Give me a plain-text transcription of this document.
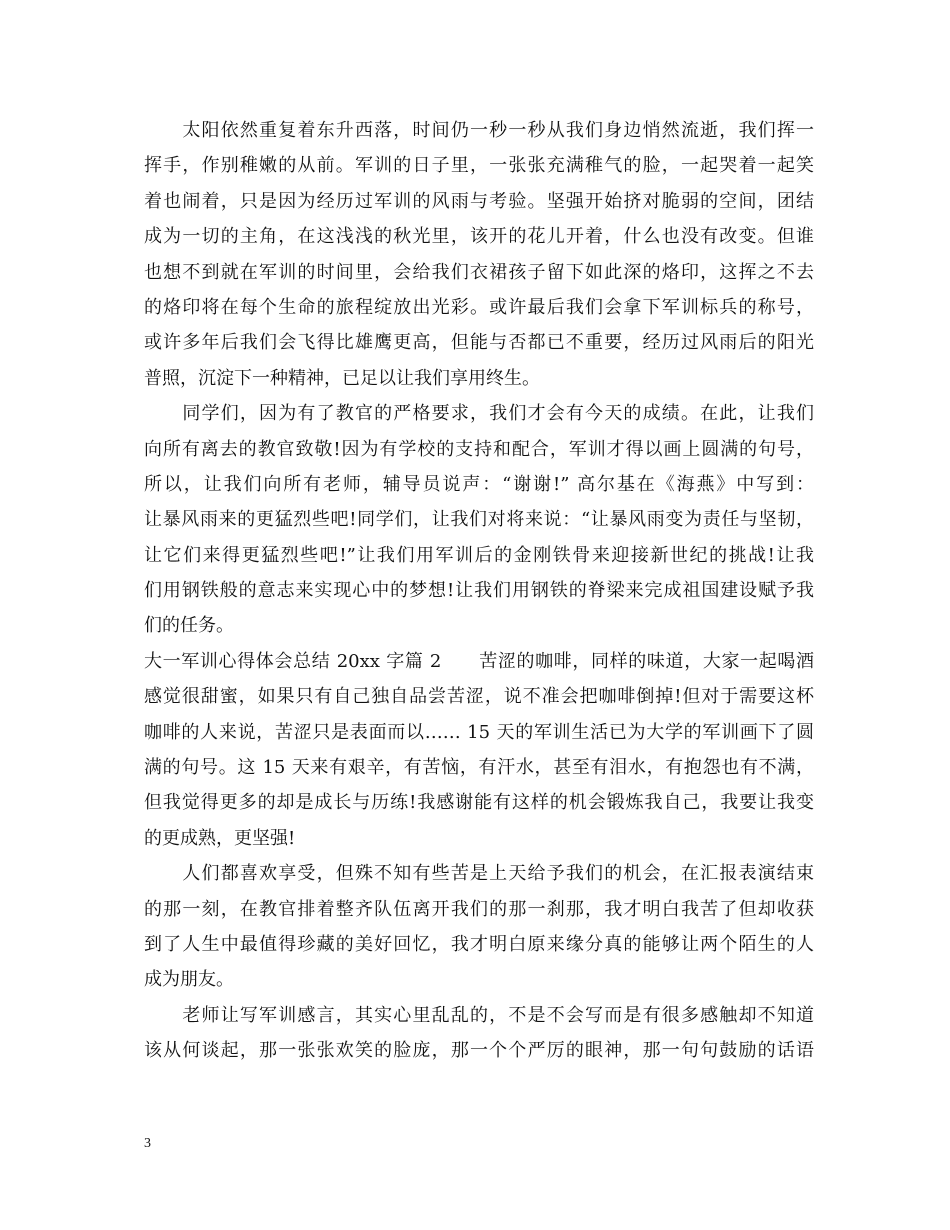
　　太阳依然重复着东升西落，时间仍一秒一秒从我们身边悄然流逝，我们挥一
挥手，作别稚嫩的从前。军训的日子里，一张张充满稚气的脸，一起哭着一起笑
着也闹着，只是因为经历过军训的风雨与考验。坚强开始挤对脆弱的空间，团结
成为一切的主角，在这浅浅的秋光里，该开的花儿开着，什么也没有改变。但谁
也想不到就在军训的时间里，会给我们衣裙孩子留下如此深的烙印，这挥之不去
的烙印将在每个生命的旅程绽放出光彩。或许最后我们会拿下军训标兵的称号，
或许多年后我们会飞得比雄鹰更高，但能与否都已不重要，经历过风雨后的阳光
普照，沉淀下一种精神，已足以让我们享用终生。
　　同学们，因为有了教官的严格要求，我们才会有今天的成绩。在此，让我们
向所有离去的教官致敬!因为有学校的支持和配合，军训才得以画上圆满的句号，
所以，让我们向所有老师，辅导员说声：“谢谢!” 高尔基在《海燕》中写到：
让暴风雨来的更猛烈些吧!同学们，让我们对将来说：“让暴风雨变为责任与坚韧，
让它们来得更猛烈些吧!”让我们用军训后的金刚铁骨来迎接新世纪的挑战!让我
们用钢铁般的意志来实现心中的梦想!让我们用钢铁的脊梁来完成祖国建设赋予我
们的任务。
大一军训心得体会总结 20xx 字篇 2　　苦涩的咖啡，同样的味道，大家一起喝酒
感觉很甜蜜，如果只有自己独自品尝苦涩，说不准会把咖啡倒掉!但对于需要这杯
咖啡的人来说，苦涩只是表面而以…… 15 天的军训生活已为大学的军训画下了圆
满的句号。这 15 天来有艰辛，有苦恼，有汗水，甚至有泪水，有抱怨也有不满，
但我觉得更多的却是成长与历练!我感谢能有这样的机会锻炼我自己，我要让我变
的更成熟，更坚强!
　　人们都喜欢享受，但殊不知有些苦是上天给予我们的机会，在汇报表演结束
的那一刻，在教官排着整齐队伍离开我们的那一刹那，我才明白我苦了但却收获
到了人生中最值得珍藏的美好回忆，我才明白原来缘分真的能够让两个陌生的人
成为朋友。
　　老师让写军训感言，其实心里乱乱的，不是不会写而是有很多感触却不知道
该从何谈起，那一张张欢笑的脸庞，那一个个严厉的眼神，那一句句鼓励的话语
3
